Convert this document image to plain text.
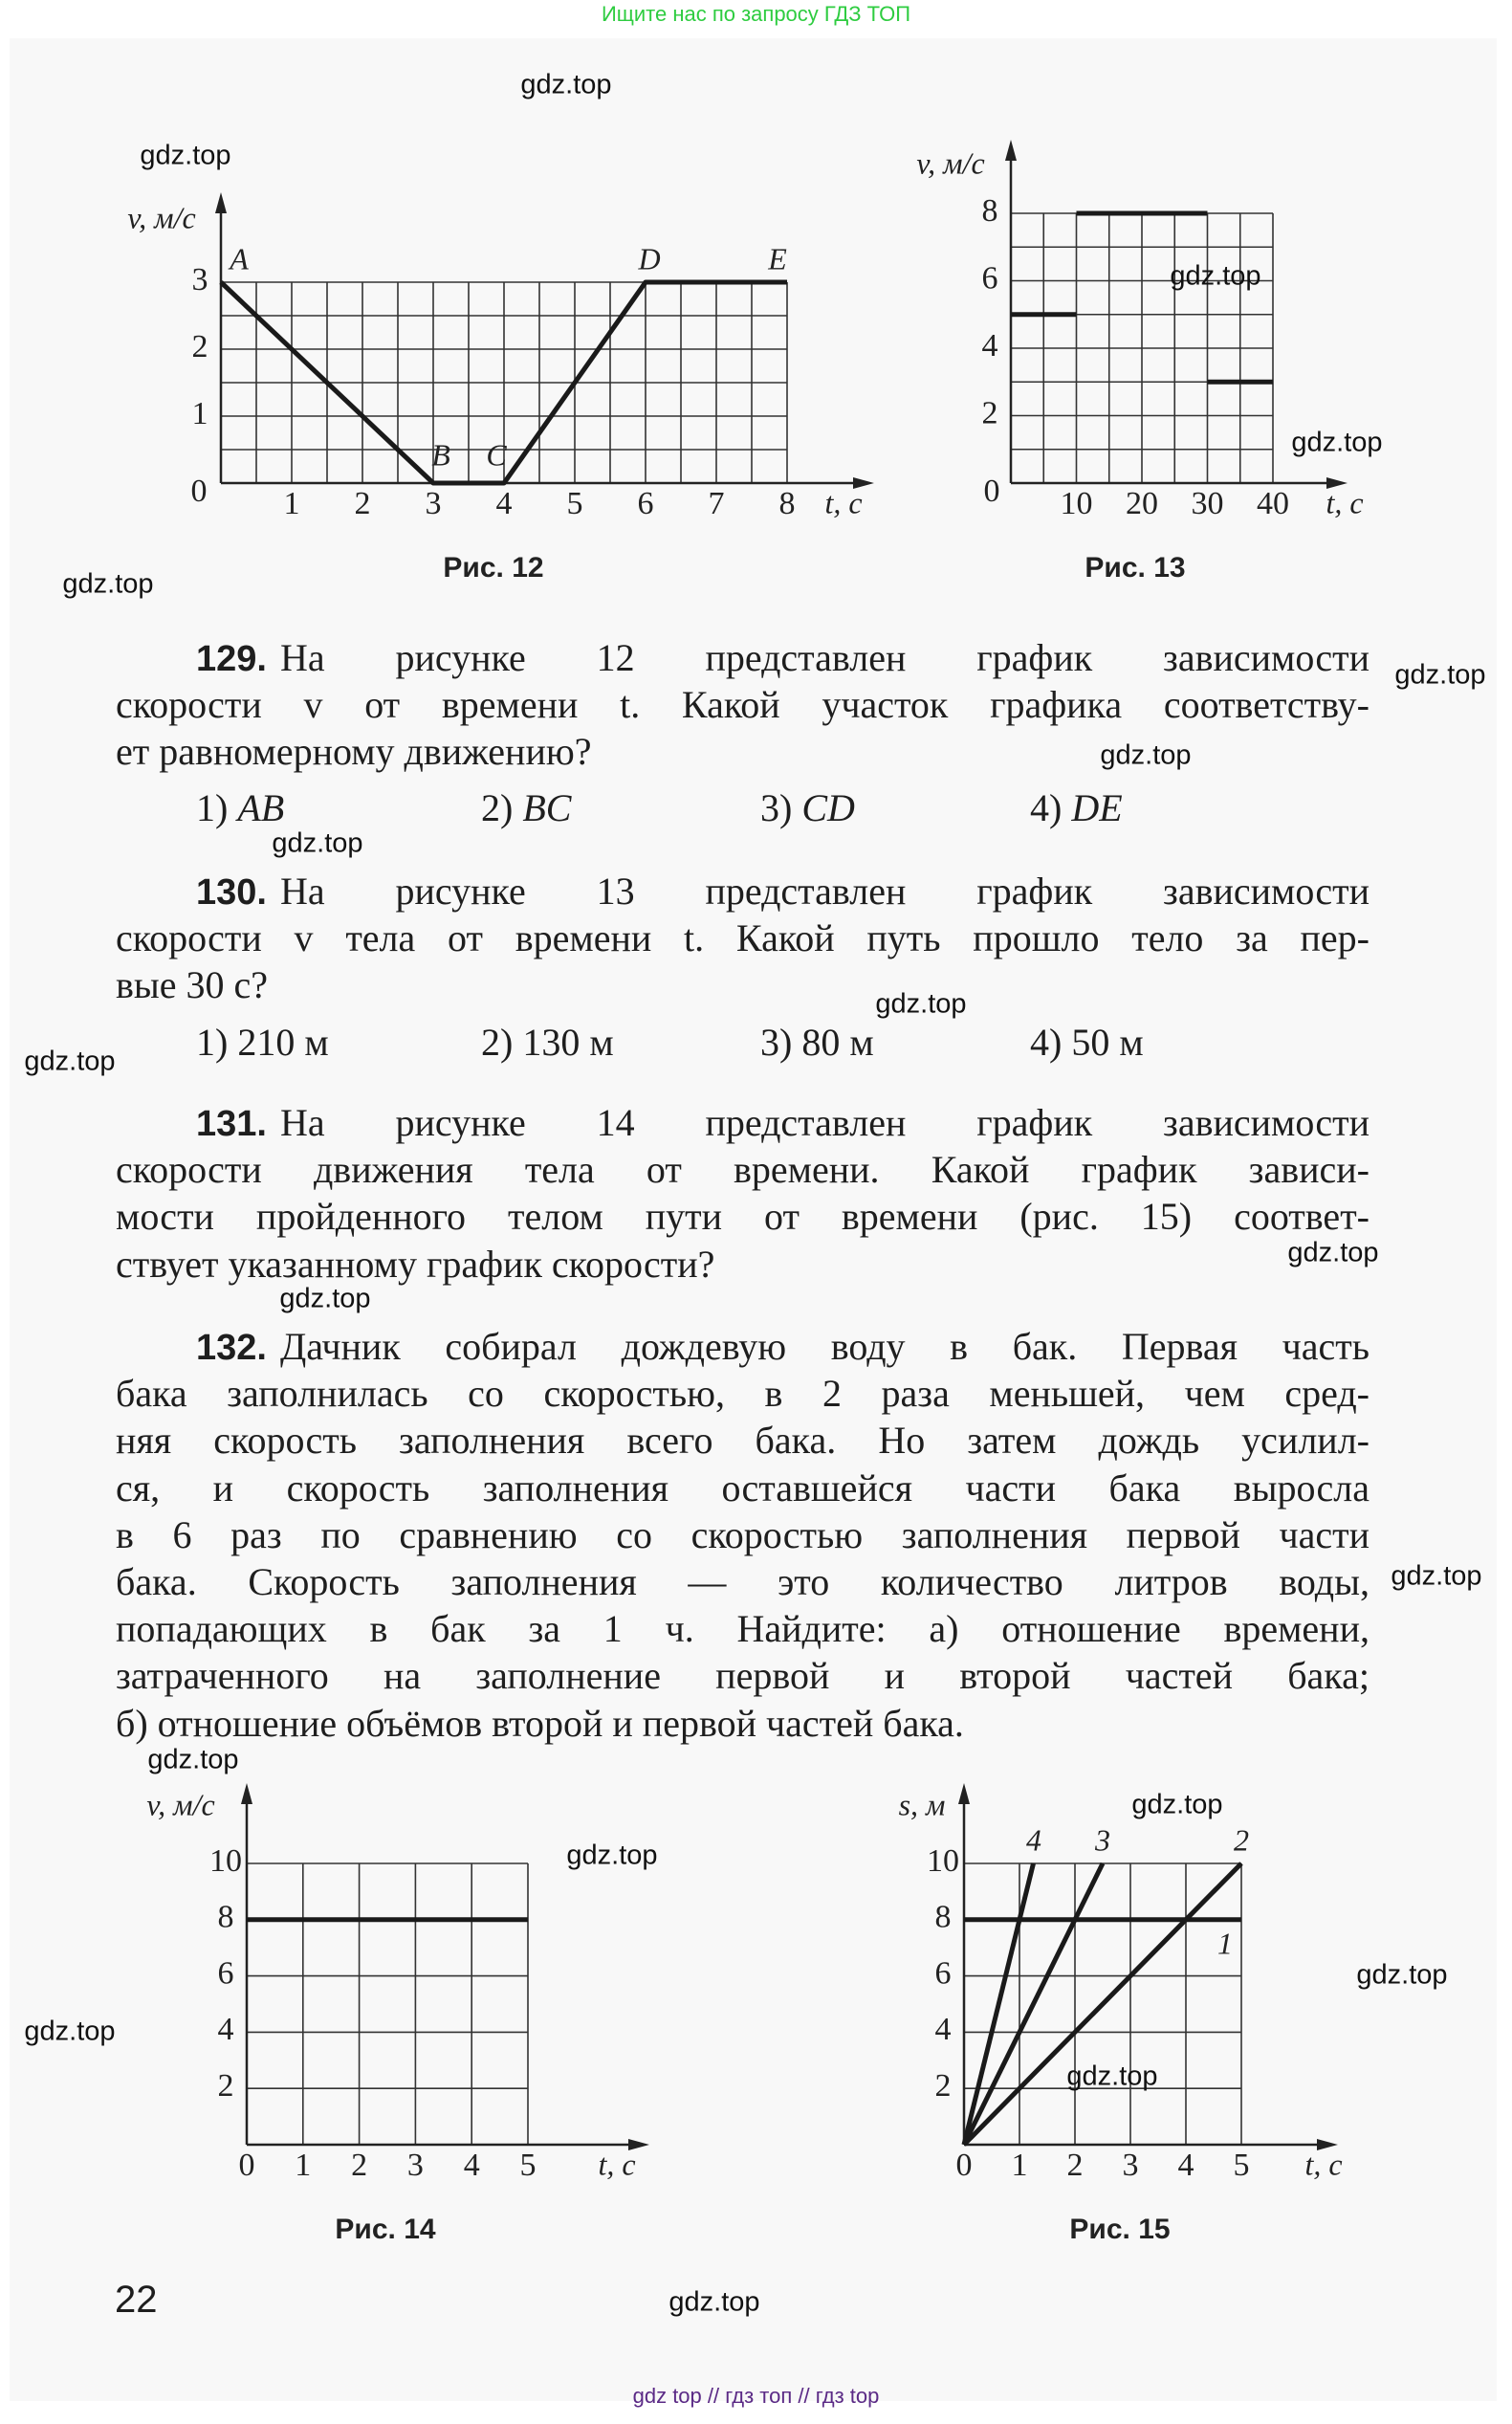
Ищите нас по запросу ГДЗ ТОП
gdz top // гдз топ // гдз top
1 2 3 4 5 6 7 8
1
2
3
0
v, м/с
t, с
A
B C
D	E
10 20 30 40
2
4
6
8
0
v, м/с
t, с
0 1 2 3 4 5
2
4
6
8
10
v, м/с
t, с	0 1 2 3 4 5
2
4
6
8
10
s, м
t, с
1
2
3
4
129. На рисунке 12 представлен график зависимости
скорости v от времени t. Какой участок графика соответству-
ет равномерному движению?
1) AB	2) BC	3) CD	4) DE
130. На рисунке 13 представлен график зависимости
скорости v тела от времени t. Какой путь прошло тело за пер-
вые 30 с?
1) 210 м	2) 130 м	3) 80 м	4) 50 м
131. На рисунке 14 представлен график зависимости
скорости движения тела от времени. Какой график зависи-
мости пройденного телом пути от времени (рис. 15) соответ-
ствует указанному график скорости?
132. Дачник собирал дождевую воду в бак. Первая часть
бака заполнилась со скоростью, в 2 раза меньшей, чем сред-
няя скорость заполнения всего бака. Но затем дождь усилил-
ся, и скорость заполнения оставшейся части бака выросла
в 6 раз по сравнению со скоростью заполнения первой части
бака. Скорость заполнения — это количество литров воды,
попадающих в бак за 1 ч. Найдите: а) отношение времени,
затраченного на заполнение первой и второй частей бака;
б) отношение объёмов второй и первой частей бака.
gdz.top
gdz.top
gdz.top
gdz.top
gdz.top
gdz.top
gdz.top
gdz.top
gdz.top
gdz.top
gdz.top
gdz.top
gdz.top
gdz.top
gdz.top
gdz.top
gdz.top
gdz.top
gdz.top
gdz.top
22
Рис. 12	Рис. 13
Рис. 14	Рис. 15
